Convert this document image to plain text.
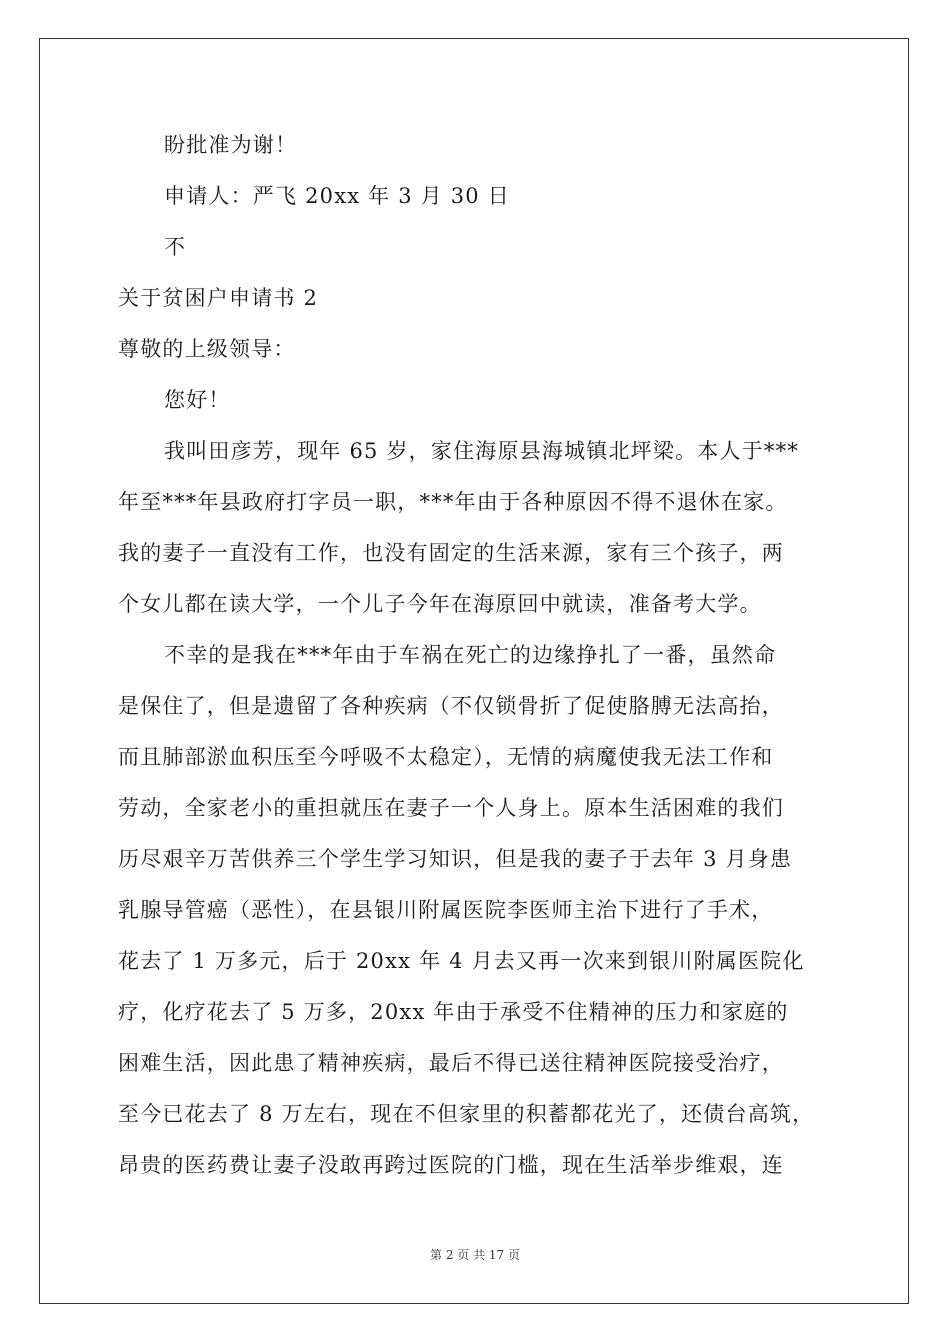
盼批准为谢！
申请人：严飞 20xx 年 3 月 30 日
不
关于贫困户申请书 2
尊敬的上级领导：
您好！
我叫田彦芳，现年 65 岁，家住海原县海城镇北坪梁。本人于***
年至***年县政府打字员一职，***年由于各种原因不得不退休在家。
我的妻子一直没有工作，也没有固定的生活来源，家有三个孩子，两
个女儿都在读大学，一个儿子今年在海原回中就读，准备考大学。
不幸的是我在***年由于车祸在死亡的边缘挣扎了一番，虽然命
是保住了，但是遗留了各种疾病（不仅锁骨折了促使胳膊无法高抬，
而且肺部淤血积压至今呼吸不太稳定），无情的病魔使我无法工作和
劳动，全家老小的重担就压在妻子一个人身上。原本生活困难的我们
历尽艰辛万苦供养三个学生学习知识，但是我的妻子于去年 3 月身患
乳腺导管癌（恶性），在县银川附属医院李医师主治下进行了手术，
花去了 1 万多元，后于 20xx 年 4 月去又再一次来到银川附属医院化
疗，化疗花去了 5 万多，20xx 年由于承受不住精神的压力和家庭的
困难生活，因此患了精神疾病，最后不得已送往精神医院接受治疗，
至今已花去了 8 万左右，现在不但家里的积蓄都花光了，还债台高筑，
昂贵的医药费让妻子没敢再跨过医院的门槛，现在生活举步维艰，连
第 2 页 共 17 页
